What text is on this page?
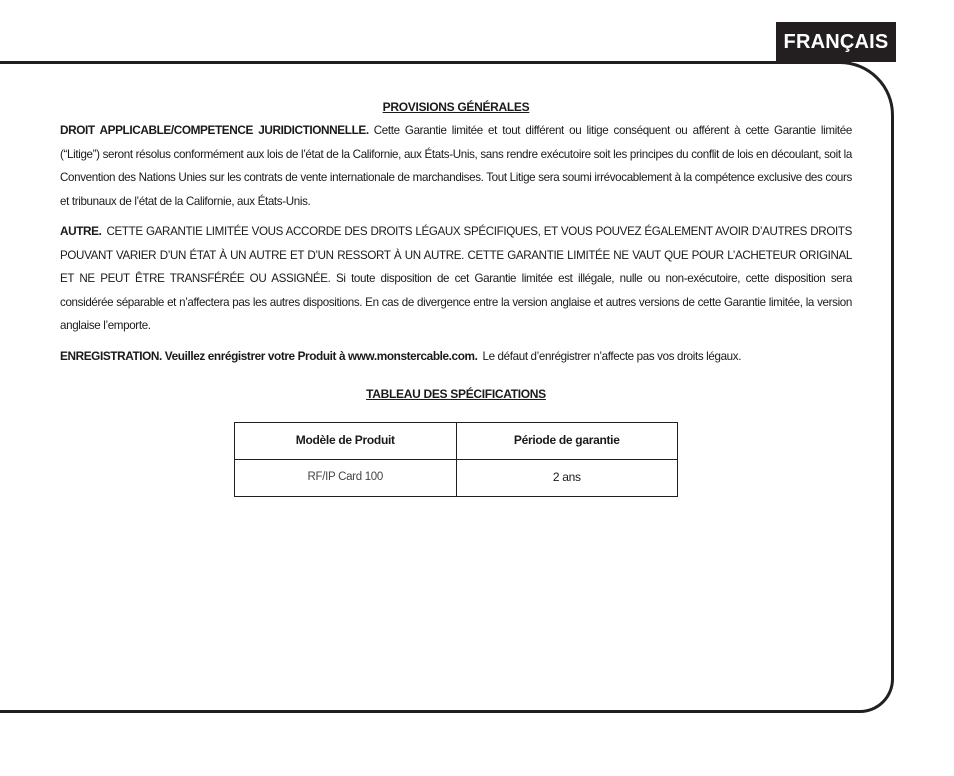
FRANÇAIS
PROVISIONS GÉNÉRALES

DROIT APPLICABLE/COMPETENCE JURIDICTIONNELLE. Cette Garantie limitée et tout différent ou litige conséquent ou afférent à cette Garantie limitée (“Litige”) seront résolus conformément aux lois de l’état de la Californie, aux États-Unis, sans rendre exécutoire soit les principes du conflit de lois en découlant, soit la Convention des Nations Unies sur les contrats de vente internationale de marchandises. Tout Litige sera soumi irrévocablement à la compétence exclusive des cours et tribunaux de l’état de la Californie, aux États-Unis.

AUTRE. CETTE GARANTIE LIMITÉE VOUS ACCORDE DES DROITS LÉGAUX SPÉCIFIQUES, ET VOUS POUVEZ ÉGALEMENT AVOIR D’AUTRES DROITS POUVANT VARIER D’UN ÉTAT À UN AUTRE ET D’UN RESSORT À UN AUTRE. CETTE GARANTIE LIMITÉE NE VAUT QUE POUR L’ACHETEUR ORIGINAL ET NE PEUT ÊTRE TRANSFÉRÉE OU ASSIGNÉE. Si toute disposition de cet Garantie limitée est illégale, nulle ou non-exécutoire, cette disposition sera considérée séparable et n’affectera pas les autres dispositions. En cas de divergence entre la version anglaise et autres versions de cette Garantie limitée, la version anglaise l’emporte.

ENREGISTRATION. Veuillez enrégistrer votre Produit à www.monstercable.com. Le défaut d’enrégistrer n’affecte pas vos droits légaux.

TABLEAU DES SPÉCIFICATIONS
Modèle de Produit	Période de garantie
RF/IP Card 100	2 ans
